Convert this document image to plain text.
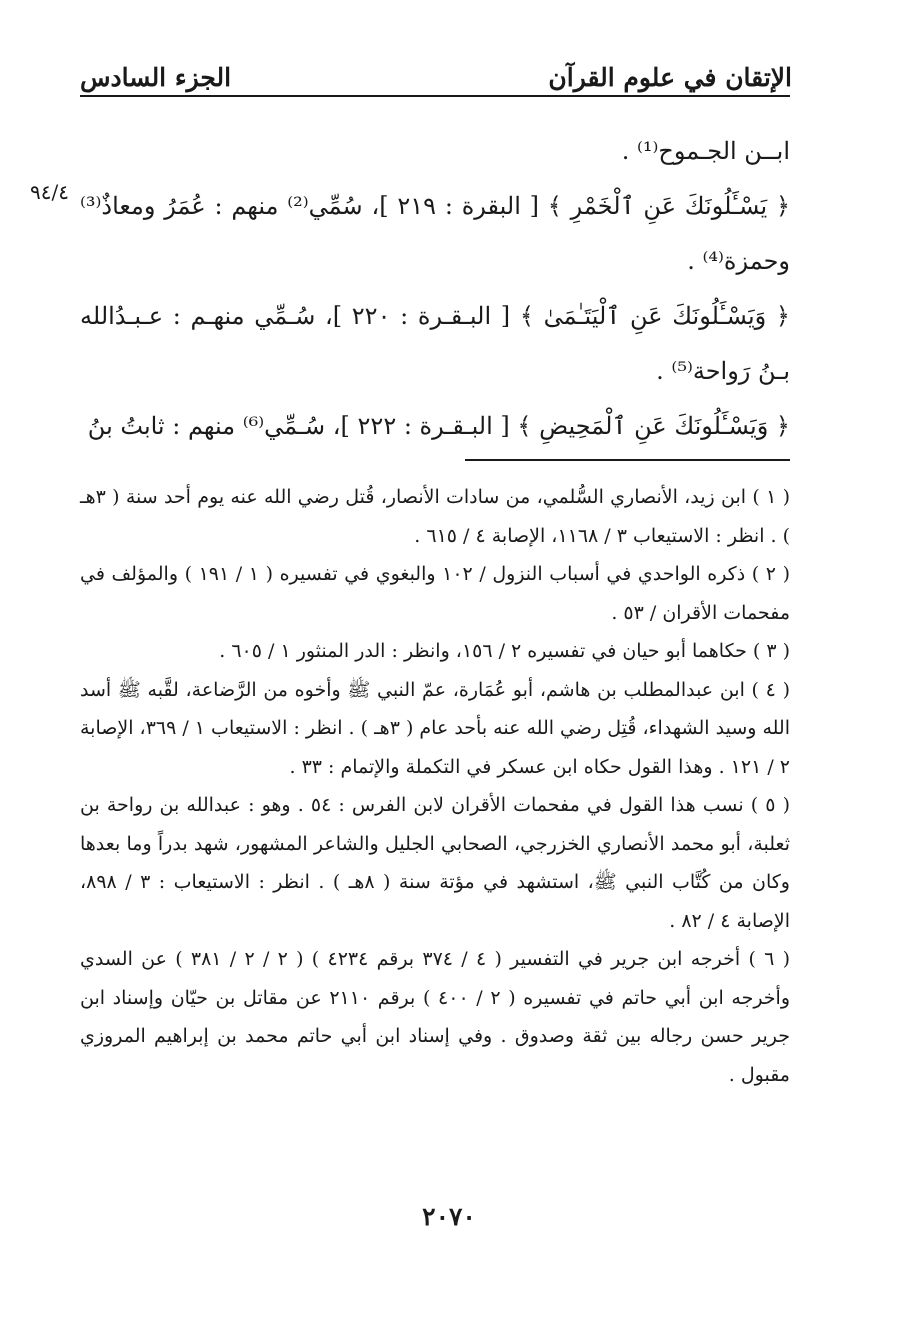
الإتقان في علوم القرآن
الجزء السادس
٩٤/٤

ابــن الجـموح⁽¹⁾ .

﴿ يَسْـَٔلُونَكَ عَنِ ٱلْخَمْرِ ﴾ [ البقرة : ٢١٩ ]، سُمِّي⁽²⁾ منهم : عُمَرُ ومعاذٌ⁽³⁾ وحمزة⁽⁴⁾ .

﴿ وَيَسْـَٔلُونَكَ عَنِ ٱلْيَتَـٰمَىٰ ﴾ [ البـقـرة : ٢٢٠ ]، سُـمِّي منهـم : عـبـدُالله بـنُ رَواحة⁽⁵⁾ .

﴿ وَيَسْـَٔلُونَكَ عَنِ ٱلْمَحِيضِ ﴾ [ البـقـرة : ٢٢٢ ]، سُـمِّي⁽⁶⁾ منهم : ثابتُ بنُ

( ١ ) ابن زيد، الأنصاري السُّلمي، من سادات الأنصار، قُتل رضي الله عنه يوم أحد سنة ( ٣هـ ) . انظر : الاستيعاب ٣ / ١١٦٨، الإصابة ٤ / ٦١٥ .

( ٢ ) ذكره الواحدي في أسباب النزول / ١٠٢ والبغوي في تفسيره ( ١ / ١٩١ ) والمؤلف في مفحمات الأقران / ٥٣ .

( ٣ ) حكاهما أبو حيان في تفسيره ٢ / ١٥٦، وانظر : الدر المنثور ١ / ٦٠٥ .

( ٤ ) ابن عبدالمطلب بن هاشم، أبو عُمَارة، عمّ النبي ﷺ وأخوه من الرَّضاعة، لقَّبه ﷺ أسد الله وسيد الشهداء، قُتِل رضي الله عنه بأحد عام ( ٣هـ ) . انظر : الاستيعاب ١ / ٣٦٩، الإصابة ٢ / ١٢١ . وهذا القول حكاه ابن عسكر في التكملة والإتمام : ٣٣ .

( ٥ ) نسب هذا القول في مفحمات الأقران لابن الفرس : ٥٤ . وهو : عبدالله بن رواحة بن ثعلبة، أبو محمد الأنصاري الخزرجي، الصحابي الجليل والشاعر المشهور، شهد بدراً وما بعدها وكان من كُتَّاب النبي ﷺ، استشهد في مؤتة سنة ( ٨هـ ) . انظر : الاستيعاب : ٣ / ٨٩٨، الإصابة ٤ / ٨٢ .

( ٦ ) أخرجه ابن جرير في التفسير ( ٤ / ٣٧٤ برقم ٤٢٣٤ ) ( ٢ / ٢ / ٣٨١ ) عن السدي وأخرجه ابن أبي حاتم في تفسيره ( ٢ / ٤٠٠ ) برقم ٢١١٠ عن مقاتل بن حيّان وإسناد ابن جرير حسن رجاله بين ثقة وصدوق . وفي إسناد ابن أبي حاتم محمد بن إبراهيم المروزي مقبول .

٢٠٧٠
